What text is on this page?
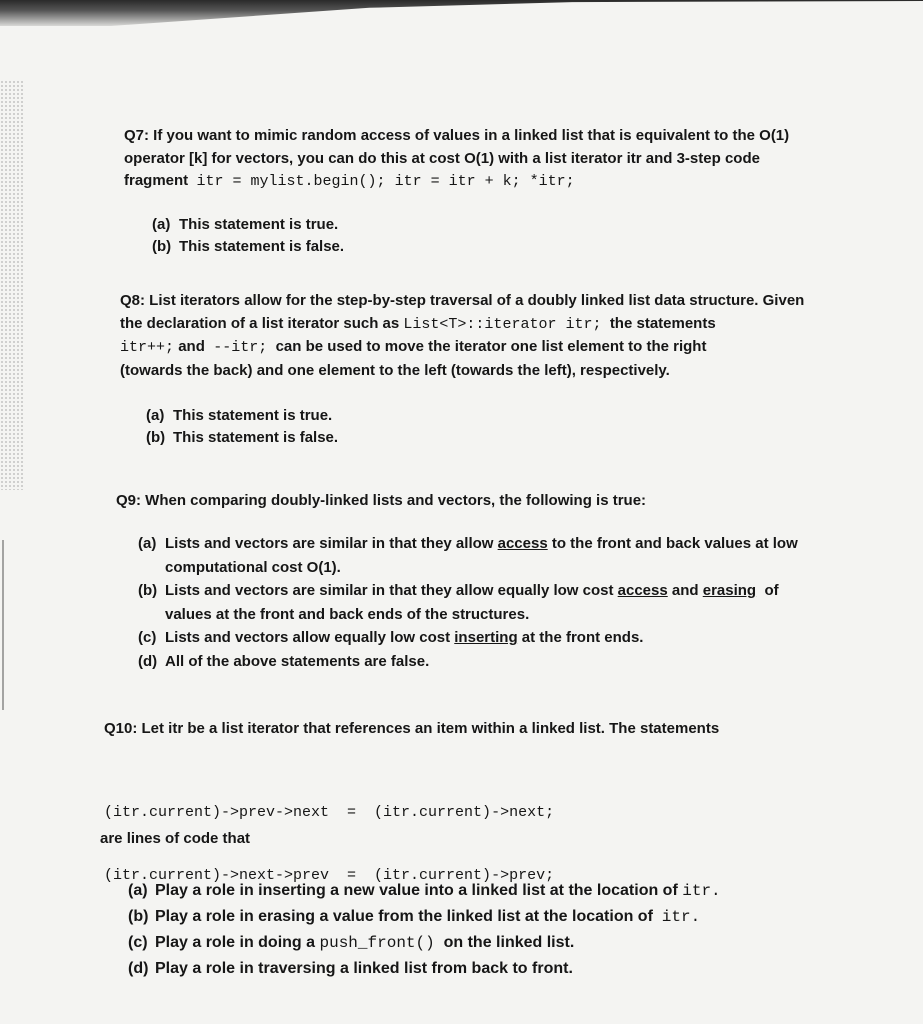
Q7: If you want to mimic random access of values in a linked list that is equivalent to the O(1)
operator [k] for vectors, you can do this at cost O(1) with a list iterator itr and 3-step code
fragment itr = mylist.begin(); itr = itr + k; *itr;
(a) This statement is true.
(b) This statement is false.
Q8: List iterators allow for the step-by-step traversal of a doubly linked list data structure. Given
the declaration of a list iterator such as List<T>::iterator itr; the statements
itr++; and --itr; can be used to move the iterator one list element to the right
(towards the back) and one element to the left (towards the left), respectively.
(a) This statement is true.
(b) This statement is false.
Q9: When comparing doubly-linked lists and vectors, the following is true:
(a) Lists and vectors are similar in that they allow access to the front and back values at low
computational cost O(1).
(b) Lists and vectors are similar in that they allow equally low cost access and erasing of
values at the front and back ends of the structures.
(c) Lists and vectors allow equally low cost inserting at the front ends.
(d) All of the above statements are false.
Q10: Let itr be a list iterator that references an item within a linked list. The statements

(itr.current)->prev->next  =  (itr.current)->next;

(itr.current)->next->prev  =  (itr.current)->prev;

are lines of code that
(a) Play a role in inserting a new value into a linked list at the location of itr.
(b) Play a role in erasing a value from the linked list at the location of itr.
(c) Play a role in doing a push_front() on the linked list.
(d) Play a role in traversing a linked list from back to front.
